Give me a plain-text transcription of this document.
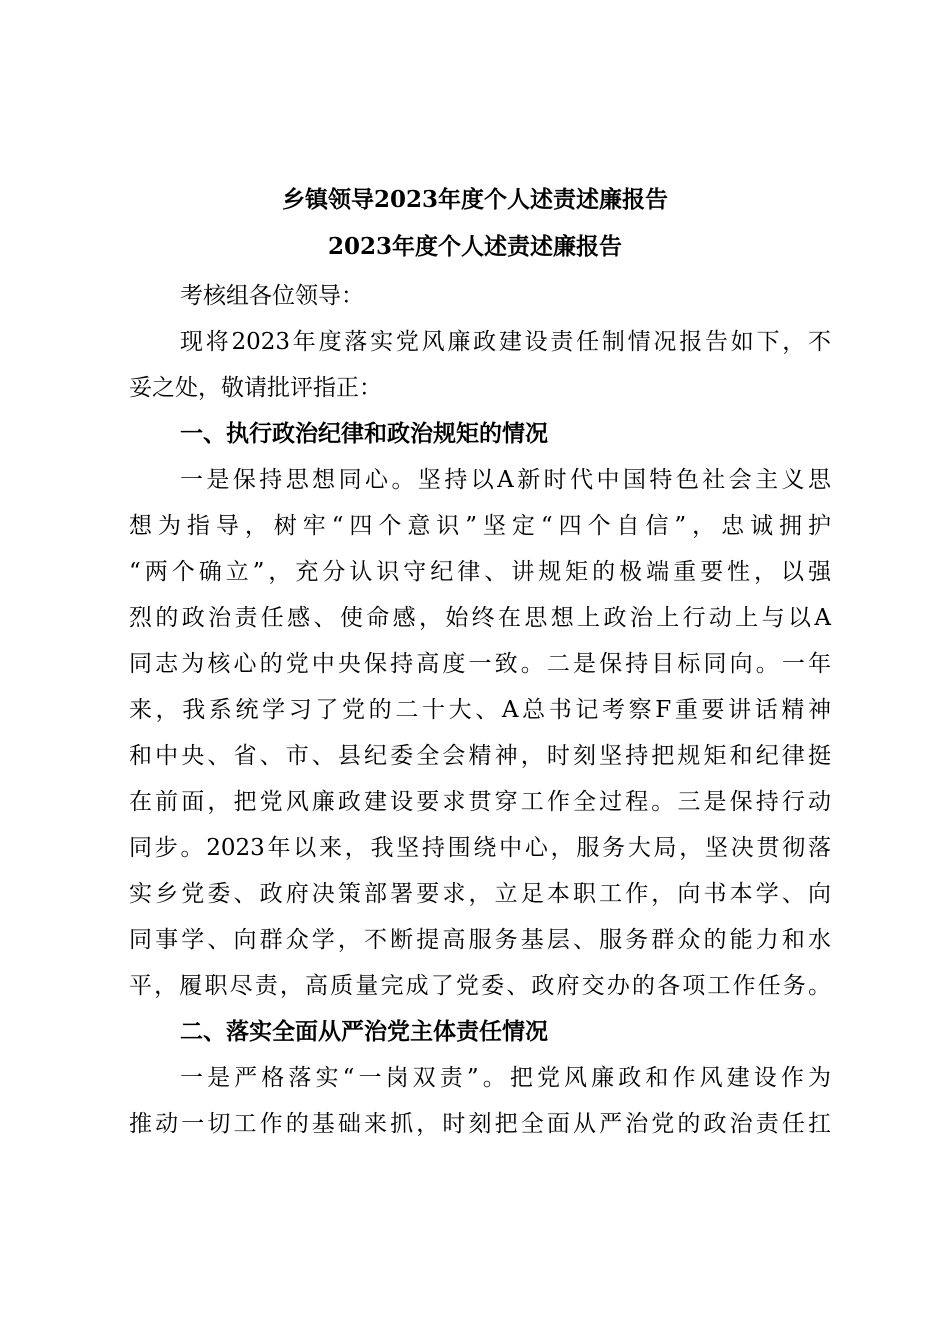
乡镇领导2023年度个人述责述廉报告
2023年度个人述责述廉报告
考核组各位领导：
现将2023年度落实党风廉政建设责任制情况报告如下，不
妥之处，敬请批评指正：
一、执行政治纪律和政治规矩的情况
一是保持思想同心。坚持以A新时代中国特色社会主义思
想为指导，树牢“四个意识”坚定“四个自信”，忠诚拥护
“两个确立”，充分认识守纪律、讲规矩的极端重要性，以强
烈的政治责任感、使命感，始终在思想上政治上行动上与以A
同志为核心的党中央保持高度一致。二是保持目标同向。一年
来，我系统学习了党的二十大、A总书记考察F重要讲话精神
和中央、省、市、县纪委全会精神，时刻坚持把规矩和纪律挺
在前面，把党风廉政建设要求贯穿工作全过程。三是保持行动
同步。2023年以来，我坚持围绕中心，服务大局，坚决贯彻落
实乡党委、政府决策部署要求，立足本职工作，向书本学、向
同事学、向群众学，不断提高服务基层、服务群众的能力和水
平，履职尽责，高质量完成了党委、政府交办的各项工作任务。
二、落实全面从严治党主体责任情况
一是严格落实“一岗双责”。把党风廉政和作风建设作为
推动一切工作的基础来抓，时刻把全面从严治党的政治责任扛
